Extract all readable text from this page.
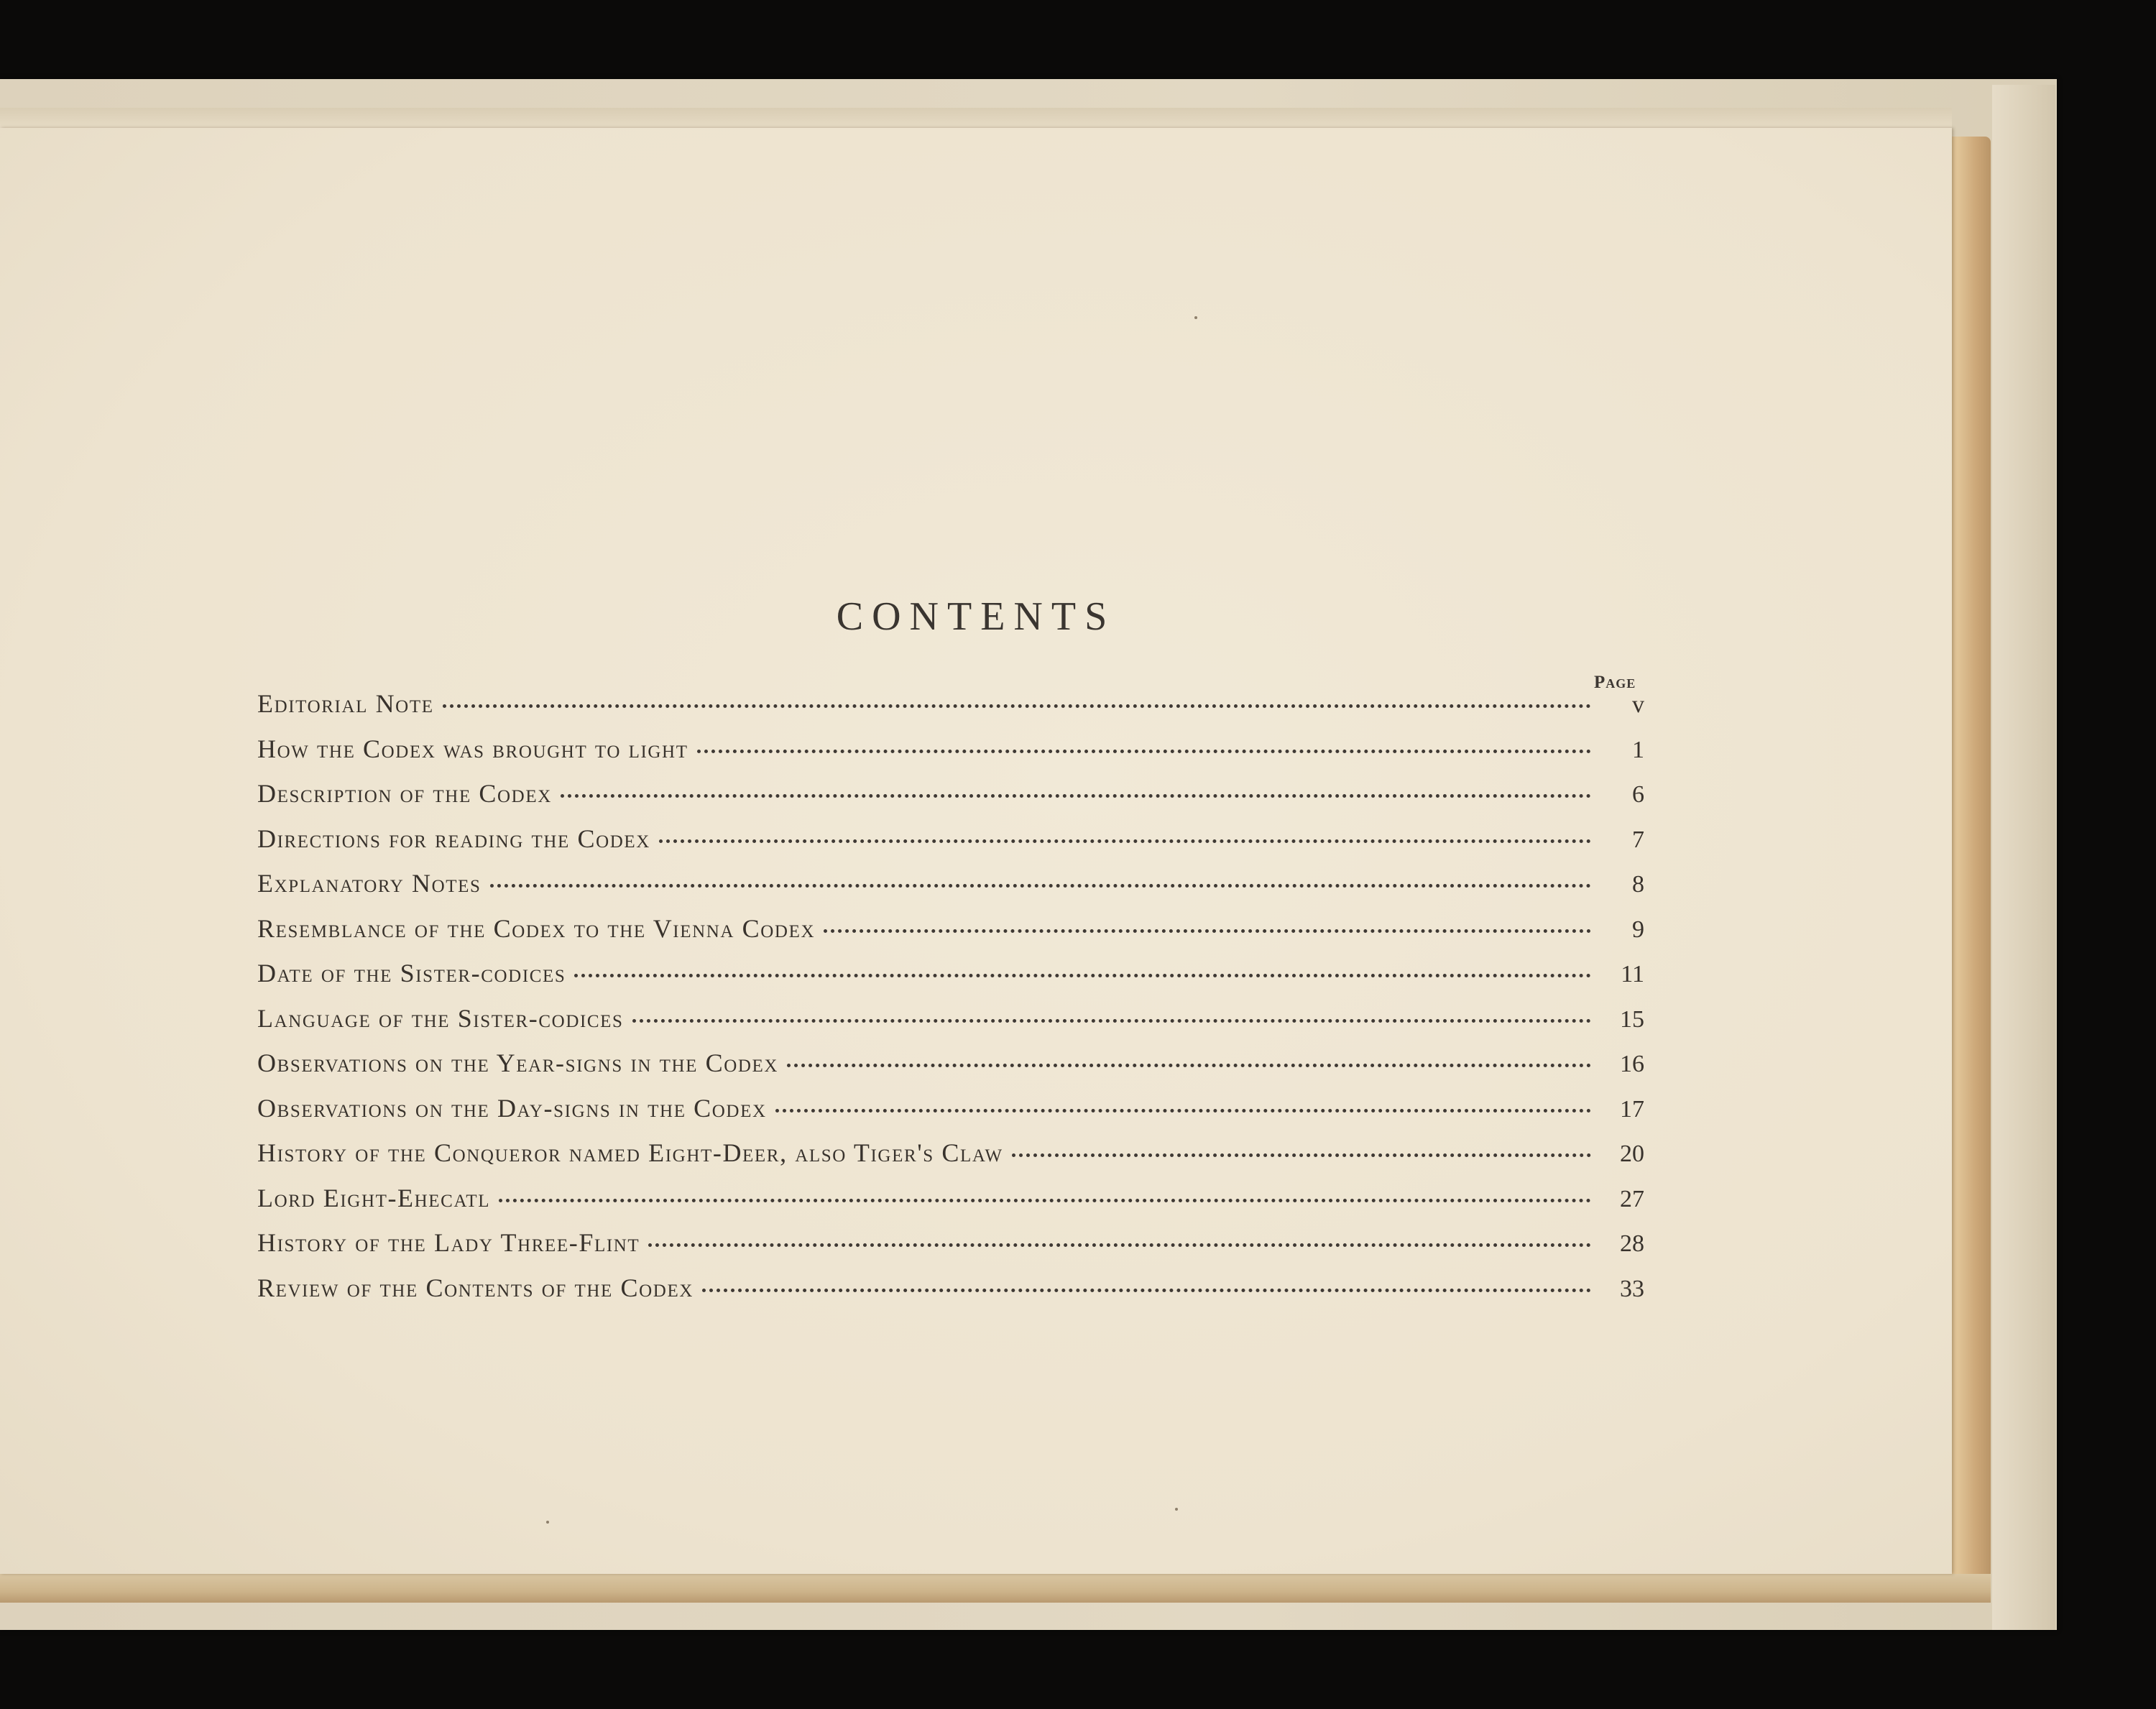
CONTENTS
Page
Editorial Note	v
How the Codex was brought to light	1
Description of the Codex	6
Directions for reading the Codex	7
Explanatory Notes	8
Resemblance of the Codex to the Vienna Codex	9
Date of the Sister-codices	11
Language of the Sister-codices	15
Observations on the Year-signs in the Codex	16
Observations on the Day-signs in the Codex	17
History of the Conqueror named Eight-Deer, also Tiger's Claw	20
Lord Eight-Ehecatl	27
History of the Lady Three-Flint	28
Review of the Contents of the Codex	33
